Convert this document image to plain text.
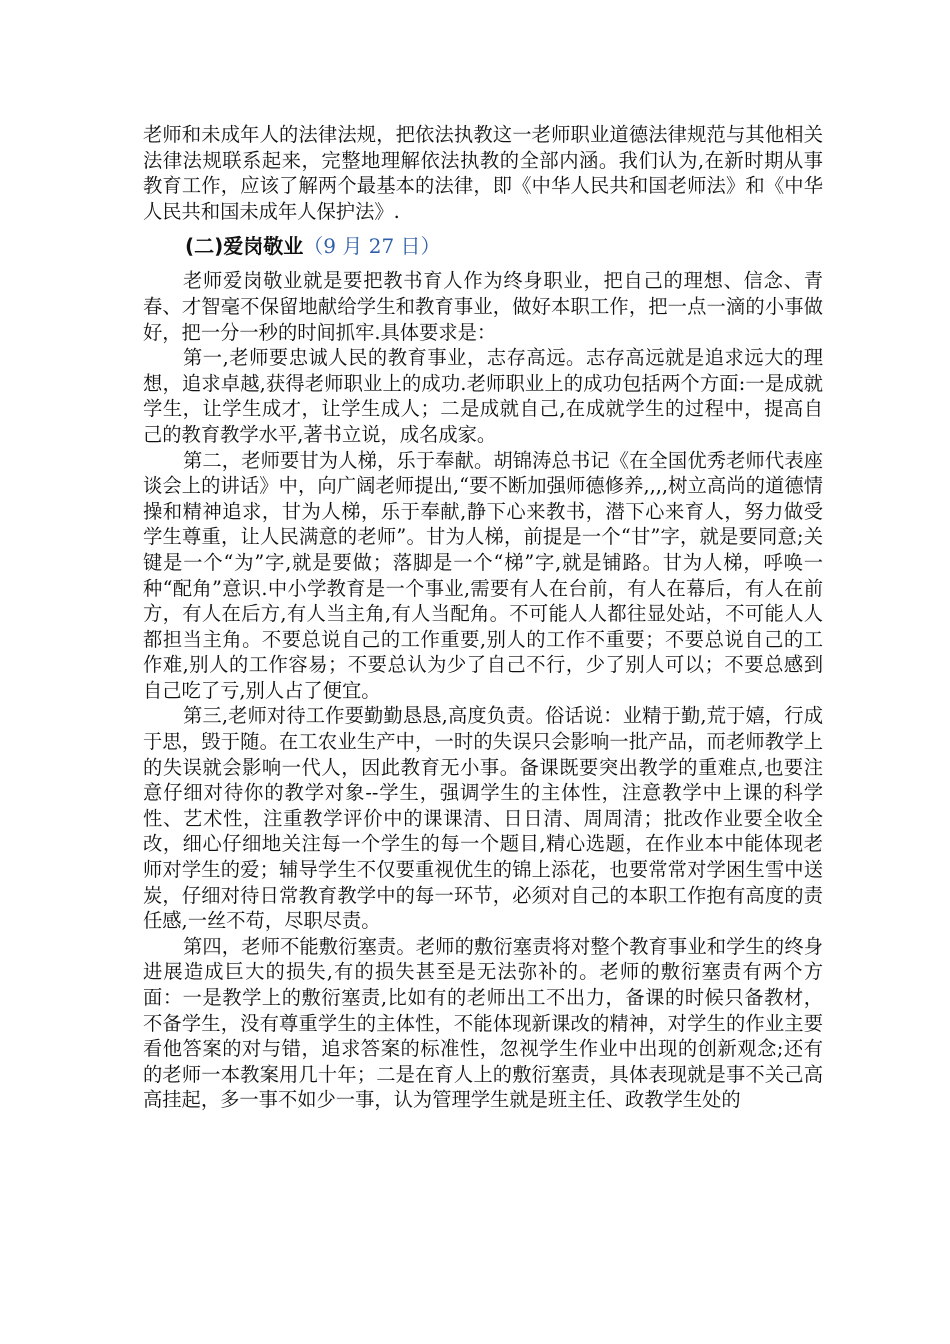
老师和未成年人的法律法规，把依法执教这一老师职业道德法律规范与其他相关法律法规联系起来，完整地理解依法执教的全部内涵。我们认为,在新时期从事教育工作，应该了解两个最基本的法律，即《中华人民共和国老师法》和《中华人民共和国未成年人保护法》.

(二)爱岗敬业（9 月 27 日）

老师爱岗敬业就是要把教书育人作为终身职业，把自己的理想、信念、青春、才智毫不保留地献给学生和教育事业，做好本职工作，把一点一滴的小事做好，把一分一秒的时间抓牢.具体要求是：

第一,老师要忠诚人民的教育事业，志存高远。志存高远就是追求远大的理想，追求卓越,获得老师职业上的成功.老师职业上的成功包括两个方面:一是成就学生，让学生成才，让学生成人；二是成就自己,在成就学生的过程中，提高自己的教育教学水平,著书立说，成名成家。

第二，老师要甘为人梯，乐于奉献。胡锦涛总书记《在全国优秀老师代表座谈会上的讲话》中，向广阔老师提出,“要不断加强师德修养,,,,树立高尚的道德情操和精神追求，甘为人梯，乐于奉献,静下心来教书，潜下心来育人，努力做受学生尊重，让人民满意的老师”。甘为人梯，前提是一个“甘”字，就是要同意;关键是一个“为”字,就是要做；落脚是一个“梯”字,就是铺路。甘为人梯，呼唤一种“配角”意识.中小学教育是一个事业,需要有人在台前，有人在幕后，有人在前方，有人在后方,有人当主角,有人当配角。不可能人人都往显处站，不可能人人都担当主角。不要总说自己的工作重要,别人的工作不重要；不要总说自己的工作难,别人的工作容易；不要总认为少了自己不行，少了别人可以；不要总感到自己吃了亏,别人占了便宜。

第三,老师对待工作要勤勤恳恳,高度负责。俗话说：业精于勤,荒于嬉，行成于思，毁于随。在工农业生产中，一时的失误只会影响一批产品，而老师教学上的失误就会影响一代人，因此教育无小事。备课既要突出教学的重难点,也要注意仔细对待你的教学对象--学生，强调学生的主体性，注意教学中上课的科学性、艺术性，注重教学评价中的课课清、日日清、周周清；批改作业要全收全改，细心仔细地关注每一个学生的每一个题目,精心选题，在作业本中能体现老师对学生的爱；辅导学生不仅要重视优生的锦上添花，也要常常对学困生雪中送炭，仔细对待日常教育教学中的每一环节，必须对自己的本职工作抱有高度的责任感,一丝不苟，尽职尽责。

第四，老师不能敷衍塞责。老师的敷衍塞责将对整个教育事业和学生的终身进展造成巨大的损失,有的损失甚至是无法弥补的。老师的敷衍塞责有两个方面：一是教学上的敷衍塞责,比如有的老师出工不出力，备课的时候只备教材，不备学生，没有尊重学生的主体性，不能体现新课改的精神，对学生的作业主要看他答案的对与错，追求答案的标准性，忽视学生作业中出现的创新观念;还有的老师一本教案用几十年；二是在育人上的敷衍塞责，具体表现就是事不关己高高挂起，多一事不如少一事，认为管理学生就是班主任、政教学生处的
